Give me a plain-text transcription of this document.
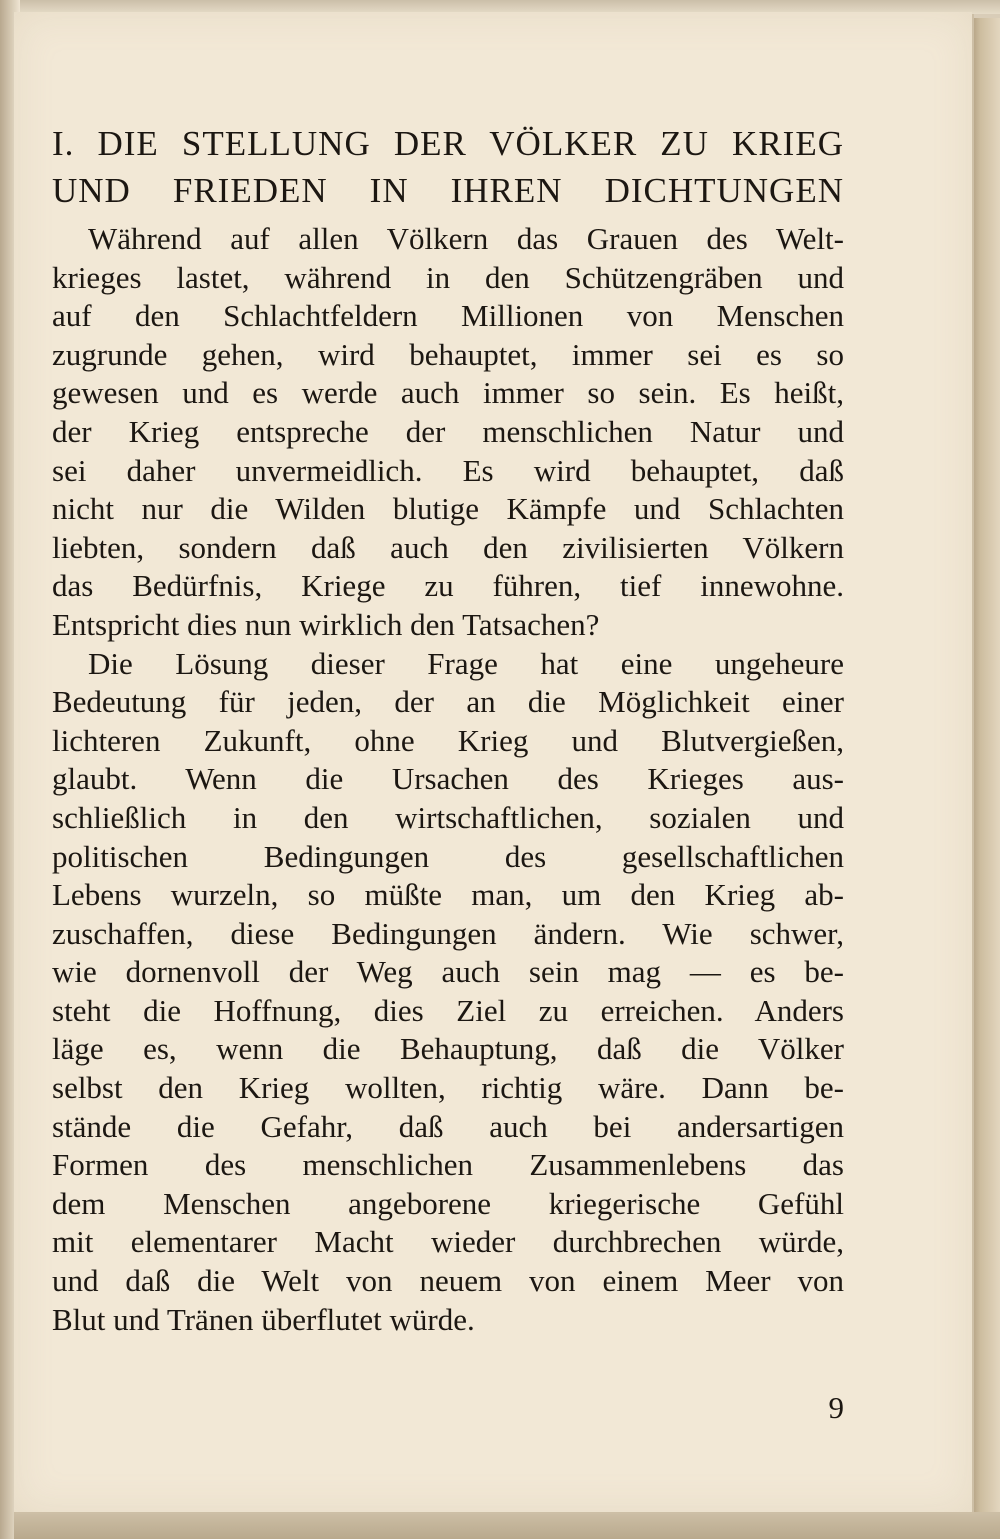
I. DIE STELLUNG DER VÖLKER ZU KRIEG
UND FRIEDEN IN IHREN DICHTUNGEN

Während auf allen Völkern das Grauen des Welt-
krieges lastet, während in den Schützengräben und
auf den Schlachtfeldern Millionen von Menschen
zugrunde gehen, wird behauptet, immer sei es so
gewesen und es werde auch immer so sein. Es heißt,
der Krieg entspreche der menschlichen Natur und
sei daher unvermeidlich. Es wird behauptet, daß
nicht nur die Wilden blutige Kämpfe und Schlachten
liebten, sondern daß auch den zivilisierten Völkern
das Bedürfnis, Kriege zu führen, tief innewohne.
Entspricht dies nun wirklich den Tatsachen?

Die Lösung dieser Frage hat eine ungeheure
Bedeutung für jeden, der an die Möglichkeit einer
lichteren Zukunft, ohne Krieg und Blutvergießen,
glaubt. Wenn die Ursachen des Krieges aus-
schließlich in den wirtschaftlichen, sozialen und
politischen Bedingungen des gesellschaftlichen
Lebens wurzeln, so müßte man, um den Krieg ab-
zuschaffen, diese Bedingungen ändern. Wie schwer,
wie dornenvoll der Weg auch sein mag — es be-
steht die Hoffnung, dies Ziel zu erreichen. Anders
läge es, wenn die Behauptung, daß die Völker
selbst den Krieg wollten, richtig wäre. Dann be-
stände die Gefahr, daß auch bei andersartigen
Formen des menschlichen Zusammenlebens das
dem Menschen angeborene kriegerische Gefühl
mit elementarer Macht wieder durchbrechen würde,
und daß die Welt von neuem von einem Meer von
Blut und Tränen überflutet würde.

9
